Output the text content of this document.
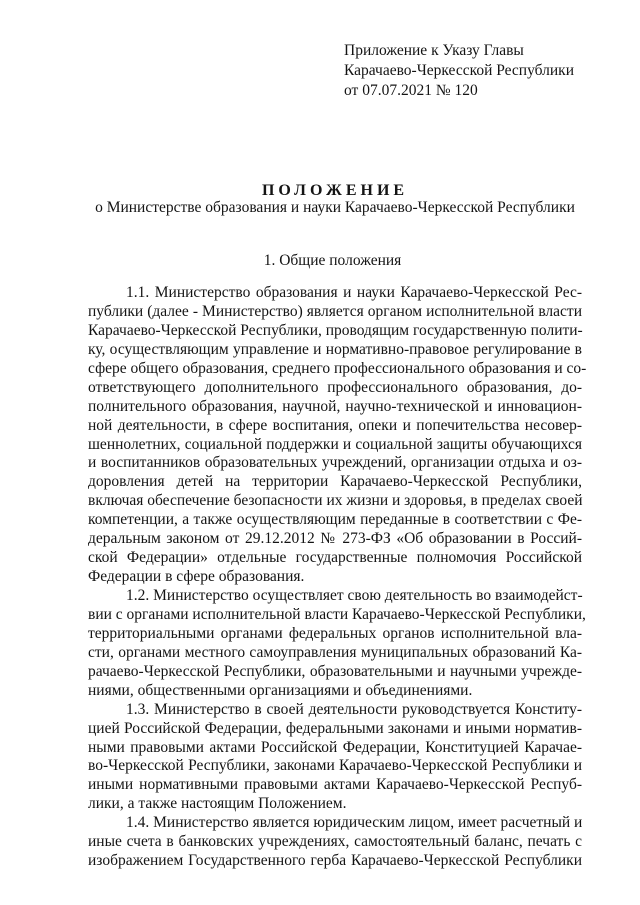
Приложение к Указу Главы
Карачаево-Черкесской Республики
от 07.07.2021 № 120
ПОЛОЖЕНИЕ
о Министерстве образования и науки Карачаево-Черкесской Республики
1. Общие положения
1.1. Министерство образования и науки Карачаево-Черкесской Рес-
публики (далее - Министерство) является органом исполнительной власти
Карачаево-Черкесской Республики, проводящим государственную полити-
ку, осуществляющим управление и нормативно-правовое регулирование в
сфере общего образования, среднего профессионального образования и со-
ответствующего дополнительного профессионального образования, до-
полнительного образования, научной, научно-технической и инновацион-
ной деятельности, в сфере воспитания, опеки и попечительства несовер-
шеннолетних, социальной поддержки и социальной защиты обучающихся
и воспитанников образовательных учреждений, организации отдыха и оз-
доровления детей на территории Карачаево-Черкесской Республики,
включая обеспечение безопасности их жизни и здоровья, в пределах своей
компетенции, а также осуществляющим переданные в соответствии с Фе-
деральным законом от 29.12.2012 № 273-ФЗ «Об образовании в Россий-
ской Федерации» отдельные государственные полномочия Российской
Федерации в сфере образования.
1.2. Министерство осуществляет свою деятельность во взаимодейст-
вии с органами исполнительной власти Карачаево-Черкесской Республики,
территориальными органами федеральных органов исполнительной вла-
сти, органами местного самоуправления муниципальных образований Ка-
рачаево-Черкесской Республики, образовательными и научными учрежде-
ниями, общественными организациями и объединениями.
1.3. Министерство в своей деятельности руководствуется Конститу-
цией Российской Федерации, федеральными законами и иными норматив-
ными правовыми актами Российской Федерации, Конституцией Карачае-
во-Черкесской Республики, законами Карачаево-Черкесской Республики и
иными нормативными правовыми актами Карачаево-Черкесской Респуб-
лики, а также настоящим Положением.
1.4. Министерство является юридическим лицом, имеет расчетный и
иные счета в банковских учреждениях, самостоятельный баланс, печать с
изображением Государственного герба Карачаево-Черкесской Республики
